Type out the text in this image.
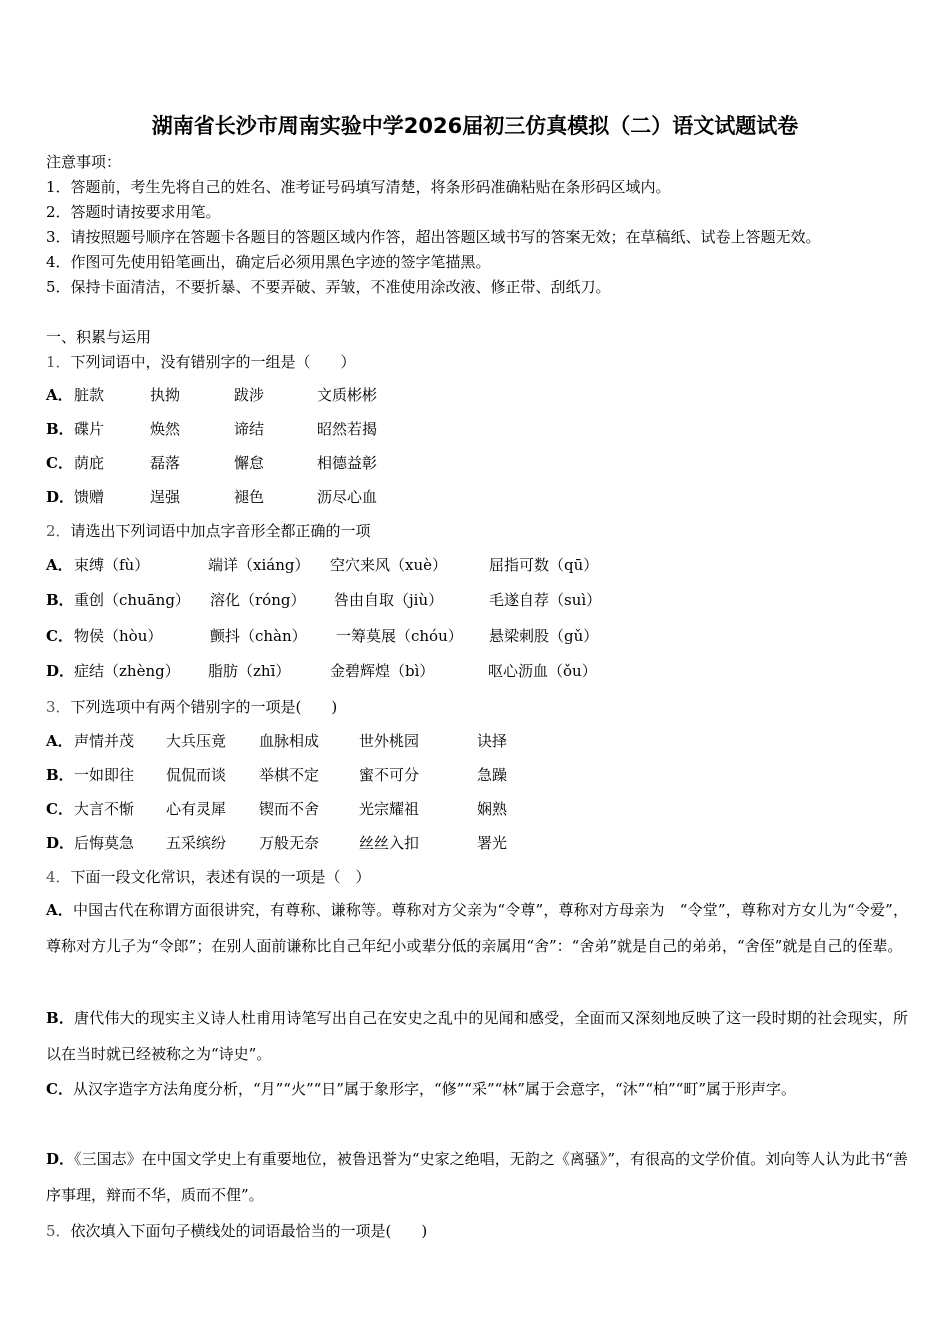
湖南省长沙市周南实验中学2026届初三仿真模拟（二）语文试题试卷
注意事项：
1．答题前，考生先将自己的姓名、准考证号码填写清楚，将条形码准确粘贴在条形码区域内。
2．答题时请按要求用笔。
3．请按照题号顺序在答题卡各题目的答题区域内作答，超出答题区域书写的答案无效；在草稿纸、试卷上答题无效。
4．作图可先使用铅笔画出，确定后必须用黑色字迹的签字笔描黑。
5．保持卡面清洁，不要折暴、不要弄破、弄皱，不准使用涂改液、修正带、刮纸刀。
一、积累与运用
1．下列词语中，没有错别字的一组是（　　）
A． 脏款	执拗	跋涉	文质彬彬
B． 碟片	焕然	谛结	昭然若揭
C． 荫庇	磊落	懈怠	相德益彰
D． 馈赠	逞强	褪色	沥尽心血
2．请选出下列词语中加点字音形全都正确的一项
A． 束缚（fù）	端详（xiáng） 空穴来风（xuè）	屈指可数（qū）
B． 重创（chuāng） 溶化（róng） 咎由自取（jiù）	毛遂自荐（suì）
C． 物侯（hòu）	颤抖（chàn） 一筹莫展（chóu） 悬梁刺股（gǔ）
D． 症结（zhèng） 脂肪（zhī）	金碧辉煌（bì）	呕心沥血（ǒu）
3．下列选项中有两个错别字的一项是(　　)
A． 声情并茂 大兵压竟 血脉相成	世外桃园	诀择
B． 一如即往 侃侃而谈 举棋不定	蜜不可分	急躁
C． 大言不惭 心有灵犀 锲而不舍	光宗耀祖	娴熟
D． 后悔莫急 五采缤纷 万般无奈	丝丝入扣	署光
4．下面一段文化常识，表述有误的一项是（　）

A．中国古代在称谓方面很讲究，有尊称、谦称等。尊称对方父亲为“令尊”，尊称对方母亲为　“令堂”，尊称对方女儿为“令爱”，尊称对方儿子为“令郎”；在别人面前谦称比自己年纪小或辈分低的亲属用“舍”：“舍弟”就是自己的弟弟，“舍侄”就是自己的侄辈。

B．唐代伟大的现实主义诗人杜甫用诗笔写出自己在安史之乱中的见闻和感受，全面而又深刻地反映了这一段时期的社会现实，所以在当时就已经被称之为“诗史”。

C．从汉字造字方法角度分析，“月”“火”“日”属于象形字，“修”“采”“林”属于会意字，“沐”“柏”“町”属于形声字。

D．《三国志》在中国文学史上有重要地位，被鲁迅誉为“史家之绝唱，无韵之《离骚》”，有很高的文学价值。刘向等人认为此书“善序事理，辩而不华，质而不俚”。

5．依次填入下面句子横线处的词语最恰当的一项是(　　)
